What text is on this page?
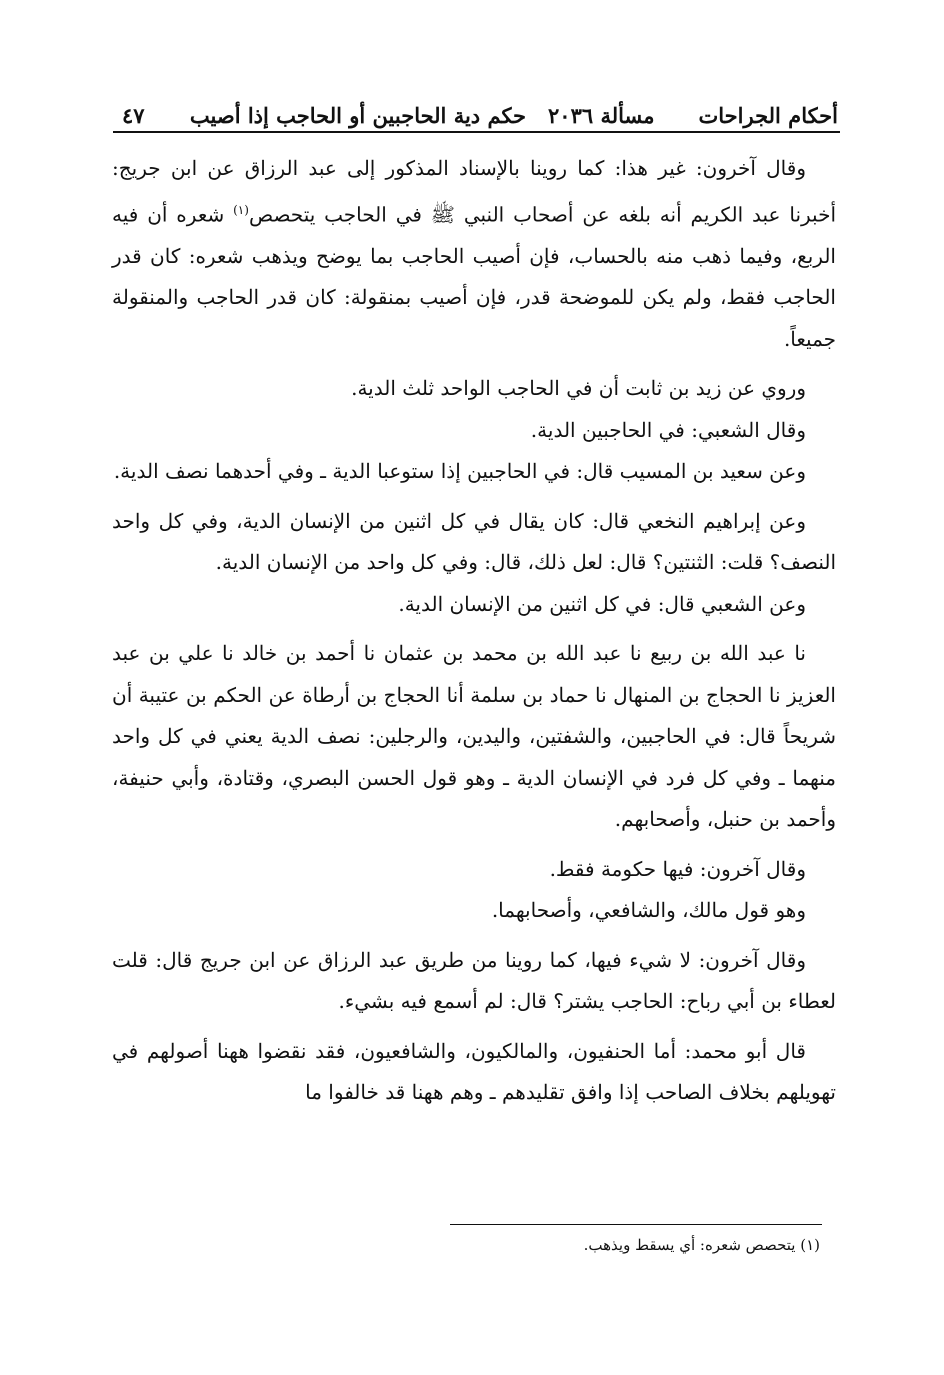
أحكام الجراحات
مسألة ٢٠٣٦
حكم دية الحاجبين أو الحاجب إذا أصيب
٤٧

وقال آخرون: غير هذا: كما روينا بالإسناد المذكور إلى عبد الرزاق عن ابن جريج: أخبرنا عبد الكريم أنه بلغه عن أصحاب النبي ﷺ في الحاجب يتحصص$^{(١)}$ شعره أن فيه الربع، وفيما ذهب منه بالحساب، فإن أصيب الحاجب بما يوضح ويذهب شعره: كان قدر الحاجب فقط، ولم يكن للموضحة قدر، فإن أصيب بمنقولة: كان قدر الحاجب والمنقولة جميعاً.

وروي عن زيد بن ثابت أن في الحاجب الواحد ثلث الدية.

وقال الشعبي: في الحاجبين الدية.

وعن سعيد بن المسيب قال: في الحاجبين إذا ستوعبا الدية ـ وفي أحدهما نصف الدية.

وعن إبراهيم النخعي قال: كان يقال في كل اثنين من الإنسان الدية، وفي كل واحد النصف؟ قلت: الثنتين؟ قال: لعل ذلك، قال: وفي كل واحد من الإنسان الدية.

وعن الشعبي قال: في كل اثنين من الإنسان الدية.

نا عبد الله بن ربيع نا عبد الله بن محمد بن عثمان نا أحمد بن خالد نا علي بن عبد العزيز نا الحجاج بن المنهال نا حماد بن سلمة أنا الحجاج بن أرطاة عن الحكم بن عتيبة أن شريحاً قال: في الحاجبين، والشفتين، واليدين، والرجلين: نصف الدية يعني في كل واحد منهما ـ وفي كل فرد في الإنسان الدية ـ وهو قول الحسن البصري، وقتادة، وأبي حنيفة، وأحمد بن حنبل، وأصحابهم.

وقال آخرون: فيها حكومة فقط.

وهو قول مالك، والشافعي، وأصحابهما.

وقال آخرون: لا شيء فيها، كما روينا من طريق عبد الرزاق عن ابن جريج قال: قلت لعطاء بن أبي رباح: الحاجب يشتر؟ قال: لم أسمع فيه بشيء.

قال أبو محمد: أما الحنفيون، والمالكيون، والشافعيون، فقد نقضوا ههنا أصولهم في تهويلهم بخلاف الصاحب إذا وافق تقليدهم ـ وهم ههنا قد خالفوا ما

(١) يتحصص شعره: أي يسقط ويذهب.
